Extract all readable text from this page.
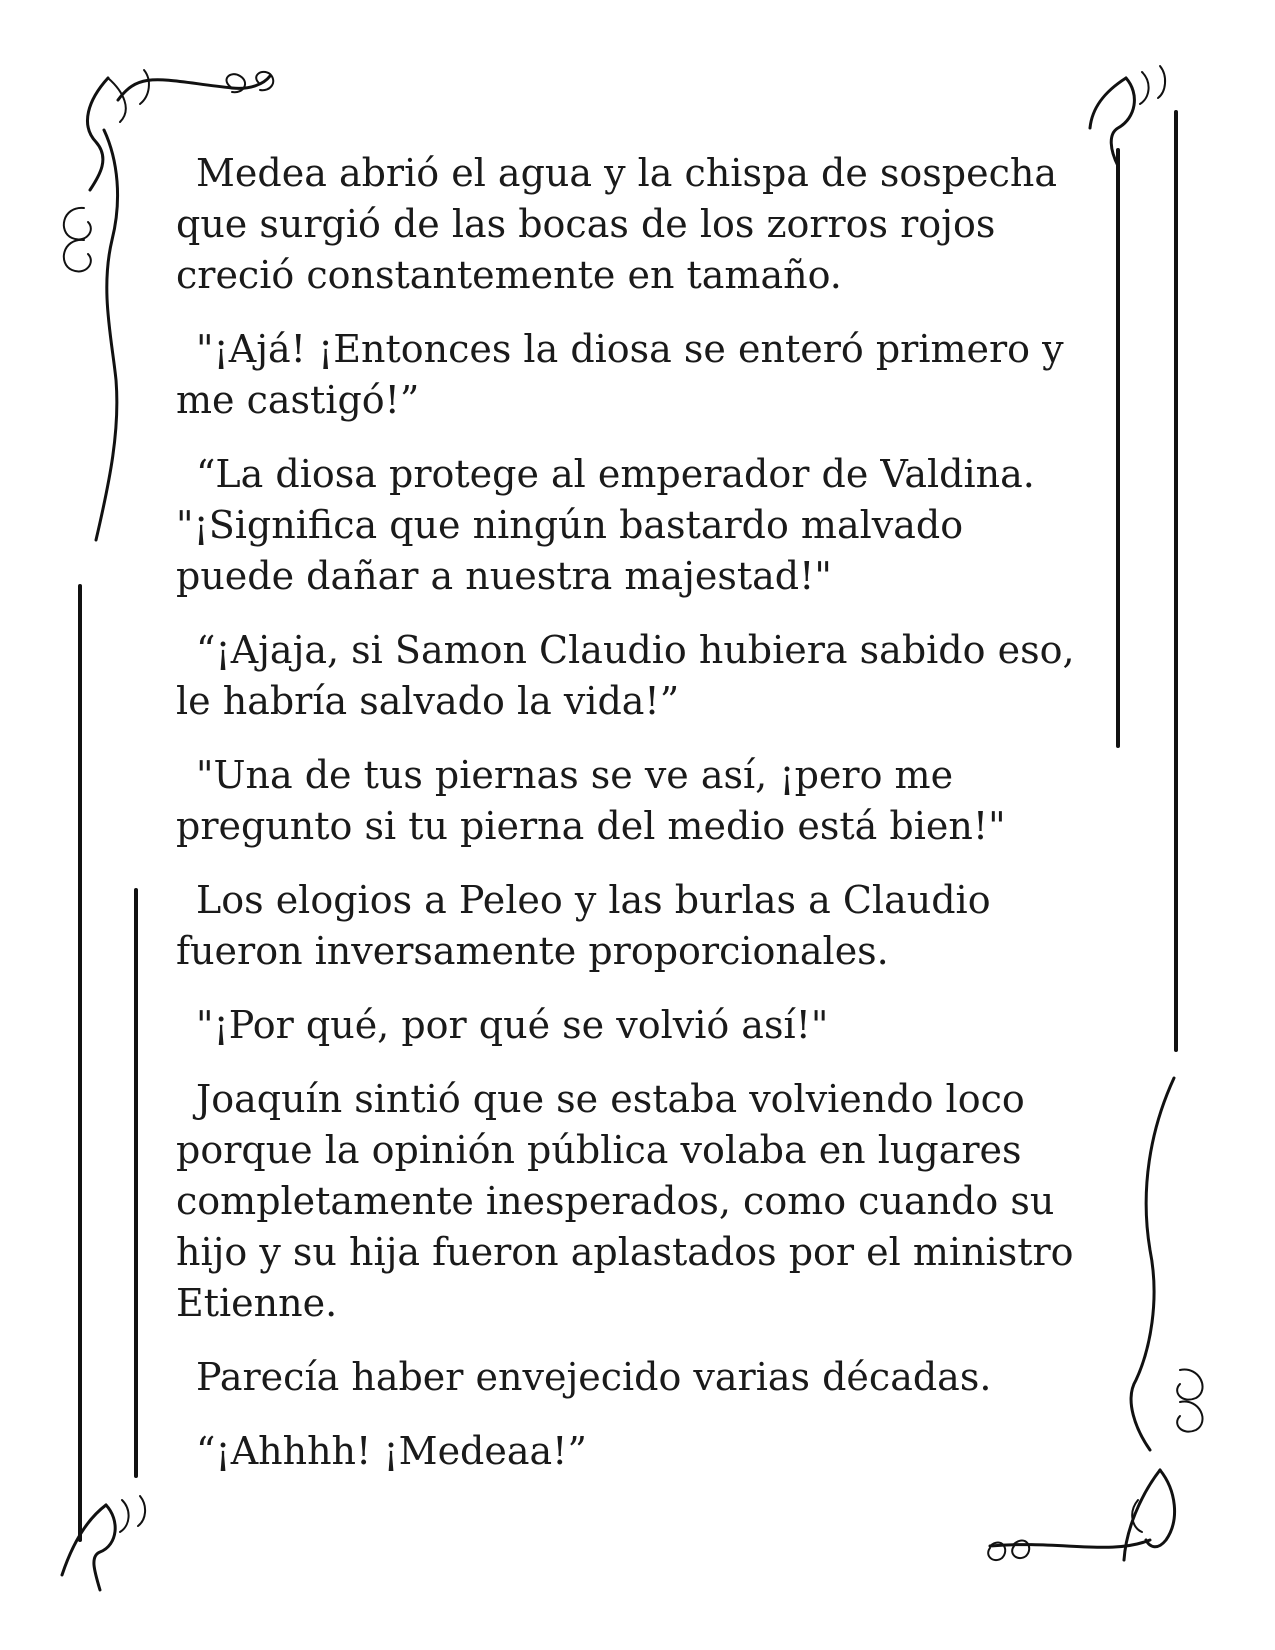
Medea abrió el agua y la chispa de sospecha que surgió de las bocas de los zorros rojos creció constantemente en tamaño.

"¡Ajá! ¡Entonces la diosa se enteró primero y me castigó!”

“La diosa protege al emperador de Valdina. "¡Significa que ningún bastardo malvado puede dañar a nuestra majestad!"

“¡Ajaja, si Samon Claudio hubiera sabido eso, le habría salvado la vida!”

"Una de tus piernas se ve así, ¡pero me pregunto si tu pierna del medio está bien!"

Los elogios a Peleo y las burlas a Claudio fueron inversamente proporcionales.

"¡Por qué, por qué se volvió así!"

Joaquín sintió que se estaba volviendo loco porque la opinión pública volaba en lugares completamente inesperados, como cuando su hijo y su hija fueron aplastados por el ministro Etienne.

Parecía haber envejecido varias décadas.

“¡Ahhhh! ¡Medeaa!”
